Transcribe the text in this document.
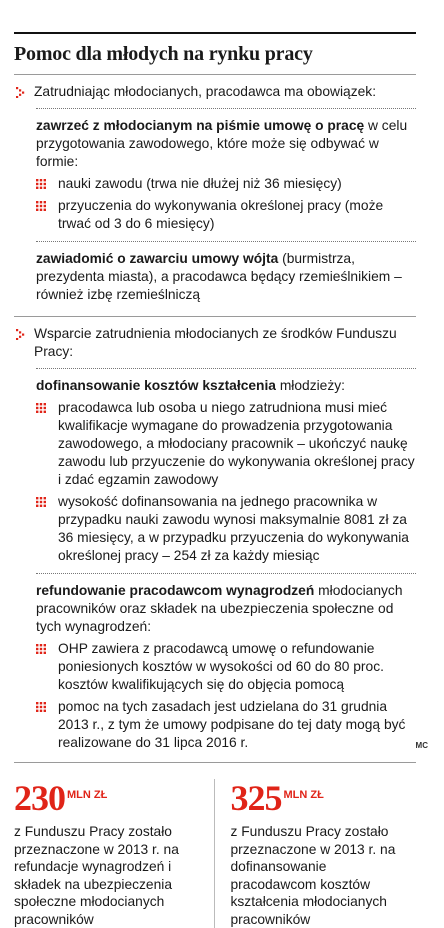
Pomoc dla młodych na rynku pracy
Zatrudniając młodocianych, pracodawca ma obowiązek:
zawrzeć z młodocianym na piśmie umowę o pracę w celu przygotowania zawodowego, które może się odbywać w formie:
nauki zawodu (trwa nie dłużej niż 36 miesięcy)
przyuczenia do wykonywania określonej pracy (może trwać od 3 do 6 miesięcy)
zawiadomić o zawarciu umowy wójta (burmistrza, prezydenta miasta), a pracodawca będący rzemieślnikiem – również izbę rzemieślniczą
Wsparcie zatrudnienia młodocianych ze środków Funduszu Pracy:
dofinansowanie kosztów kształcenia młodzieży:
pracodawca lub osoba u niego zatrudniona musi mieć kwalifikacje wymagane do prowadzenia przygotowania zawodowego, a młodociany pracownik – ukończyć naukę zawodu lub przyuczenie do wykonywania określonej pracy i zdać egzamin zawodowy
wysokość dofinansowania na jednego pracownika w przypadku nauki zawodu wynosi maksymalnie 8081 zł za 36 miesięcy, a w przypadku przyuczenia do wykonywania określonej pracy – 254 zł za każdy miesiąc
refundowanie pracodawcom wynagrodzeń młodocianych pracowników oraz składek na ubezpieczenia społeczne od tych wynagrodzeń:
OHP zawiera z pracodawcą umowę o refundowanie poniesionych kosztów w wysokości od 60 do 80 proc. kosztów kwalifikujących się do objęcia pomocą
pomoc na tych zasadach jest udzielana do 31 grudnia 2013 r., z tym że umowy podpisane do tej daty mogą być realizowane do 31 lipca 2016 r.
230 $^{MLN ZŁ}$
z Funduszu Pracy zostało przeznaczone w 2013 r. na refundacje wynagrodzeń i składek na ubezpieczenia społeczne młodocianych pracowników
325 $^{MLN ZŁ}$
z Funduszu Pracy zostało przeznaczone w 2013 r. na dofinansowanie pracodawcom kosztów kształcenia młodocianych pracowników
MC
